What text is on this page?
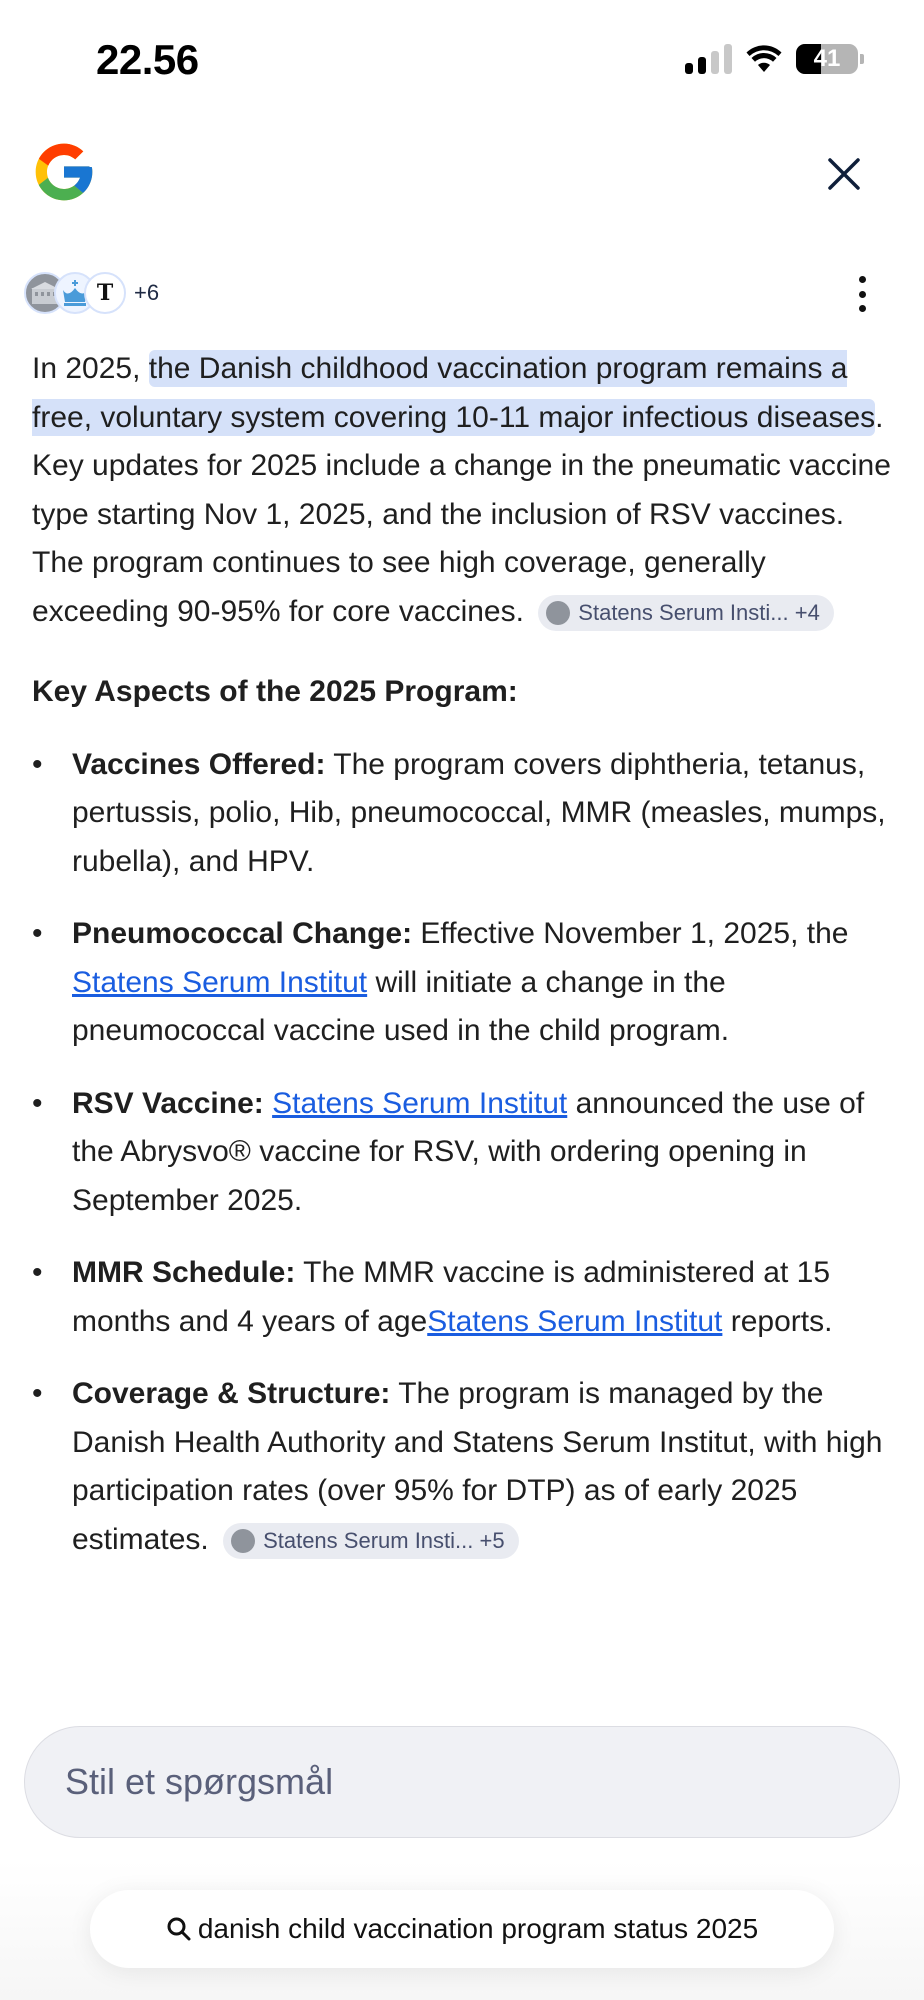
22.56	41
T +6

In 2025, the Danish childhood vaccination program remains a free, voluntary system covering 10-11 major infectious diseases. Key updates for 2025 include a change in the pneumatic vaccine type starting Nov 1, 2025, and the inclusion of RSV vaccines. The program continues to see high coverage, generally exceeding 90-95% for core vaccines. Statens Serum Insti... +4

Key Aspects of the 2025 Program:

• Vaccines Offered: The program covers diphtheria, tetanus, pertussis, polio, Hib, pneumococcal, MMR (measles, mumps, rubella), and HPV.
• Pneumococcal Change: Effective November 1, 2025, the Statens Serum Institut will initiate a change in the pneumococcal vaccine used in the child program.
• RSV Vaccine: Statens Serum Institut announced the use of the Abrysvo® vaccine for RSV, with ordering opening in September 2025.
• MMR Schedule: The MMR vaccine is administered at 15 months and 4 years of ageStatens Serum Institut reports.
• Coverage & Structure: The program is managed by the Danish Health Authority and Statens Serum Institut, with high participation rates (over 95% for DTP) as of early 2025 estimates. Statens Serum Insti... +5
Stil et spørgsmål
danish child vaccination program status 2025
